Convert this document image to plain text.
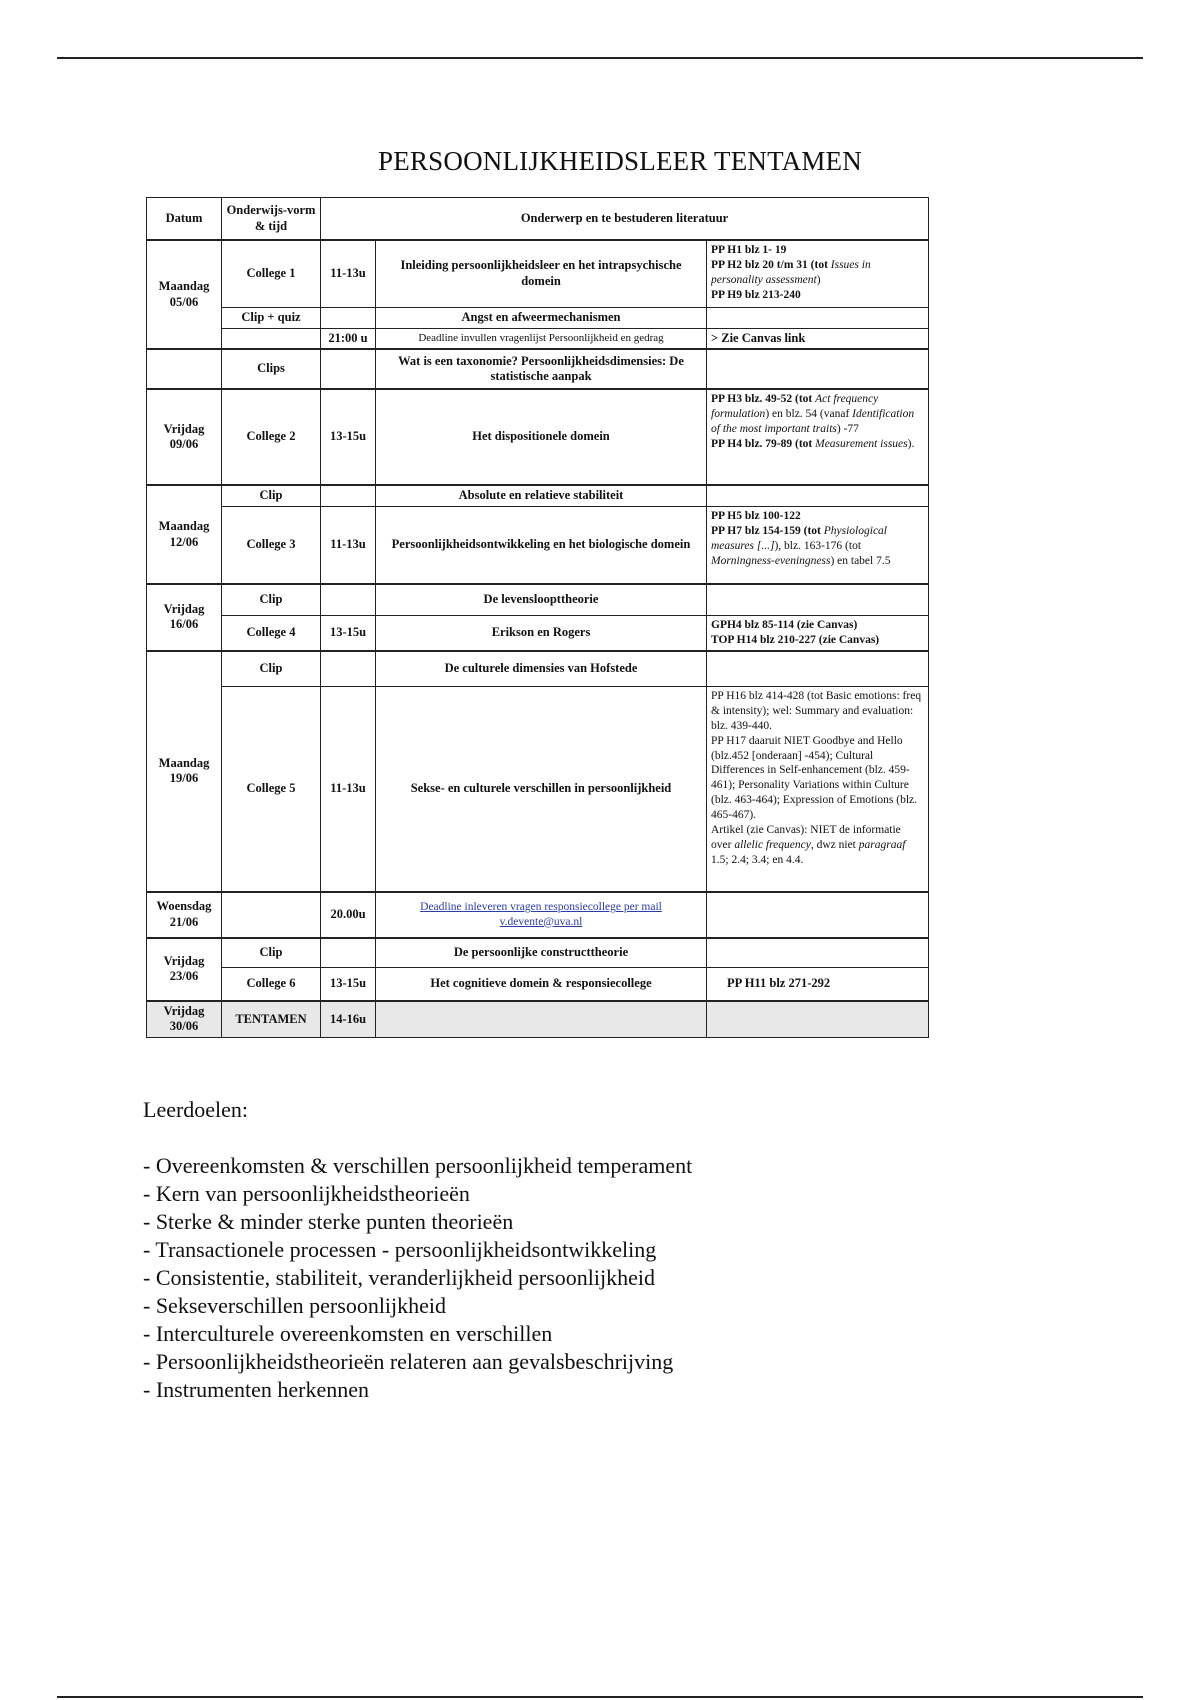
PERSOONLIJKHEIDSLEER TENTAMEN
Datum	Onderwijs-vorm & tijd	Onderwerp en te bestuderen literatuur		
Maandag 05/06	College 1	11-13u	Inleiding persoonlijkheidsleer en het intrapsychische domein	PP H1 blz 1- 19
PP H2 blz 20 t/m 31 (tot Issues in personality assessment)
PP H9 blz 213-240
	Clip + quiz		Angst en afweermechanismen	
		21:00 u	Deadline invullen vragenlijst Persoonlijkheid en gedrag	> Zie Canvas link
	Clips		Wat is een taxonomie? Persoonlijkheidsdimensies: De statistische aanpak	
Vrijdag 09/06	College 2	13-15u	Het dispositionele domein	PP H3 blz. 49-52 (tot Act frequency formulation) en blz. 54 (vanaf Identification of the most important traits) -77
PP H4 blz. 79-89 (tot Measurement issues).
Maandag 12/06	Clip		Absolute en relatieve stabiliteit	
	College 3	11-13u	Persoonlijkheidsontwikkeling en het biologische domein	PP H5 blz 100-122
PP H7 blz 154-159 (tot Physiological measures [...]), blz. 163-176 (tot Morningness-eveningness) en tabel 7.5
Vrijdag 16/06	Clip		De levensloopttheorie	
	College 4	13-15u	Erikson en Rogers	GPH4 blz 85-114 (zie Canvas)
TOP H14 blz 210-227 (zie Canvas)
Maandag 19/06	Clip		De culturele dimensies van Hofstede	
	College 5	11-13u	Sekse- en culturele verschillen in persoonlijkheid	PP H16 blz 414-428 (tot Basic emotions: freq & intensity); wel: Summary and evaluation: blz. 439-440.
PP H17 daaruit NIET Goodbye and Hello (blz.452 [onderaan] -454); Cultural Differences in Self-enhancement (blz. 459-461); Personality Variations within Culture (blz. 463-464); Expression of Emotions (blz. 465-467).
Artikel (zie Canvas): NIET de informatie over allelic frequency, dwz niet paragraaf 1.5; 2.4; 3.4; en 4.4.
Woensdag 21/06		20.00u	Deadline inleveren vragen responsiecollege per mail
v.devente@uva.nl	
Vrijdag 23/06	Clip		De persoonlijke constructtheorie	
	College 6	13-15u	Het cognitieve domein & responsiecollege	PP H11 blz 271-292
Vrijdag 30/06	TENTAMEN	14-16u		
Leerdoelen:
- Overeenkomsten & verschillen persoonlijkheid temperament
- Kern van persoonlijkheidstheorieën
- Sterke & minder sterke punten theorieën
- Transactionele processen - persoonlijkheidsontwikkeling
- Consistentie, stabiliteit, veranderlijkheid persoonlijkheid
- Sekseverschillen persoonlijkheid
- Interculturele overeenkomsten en verschillen
- Persoonlijkheidstheorieën relateren aan gevalsbeschrijving
- Instrumenten herkennen
